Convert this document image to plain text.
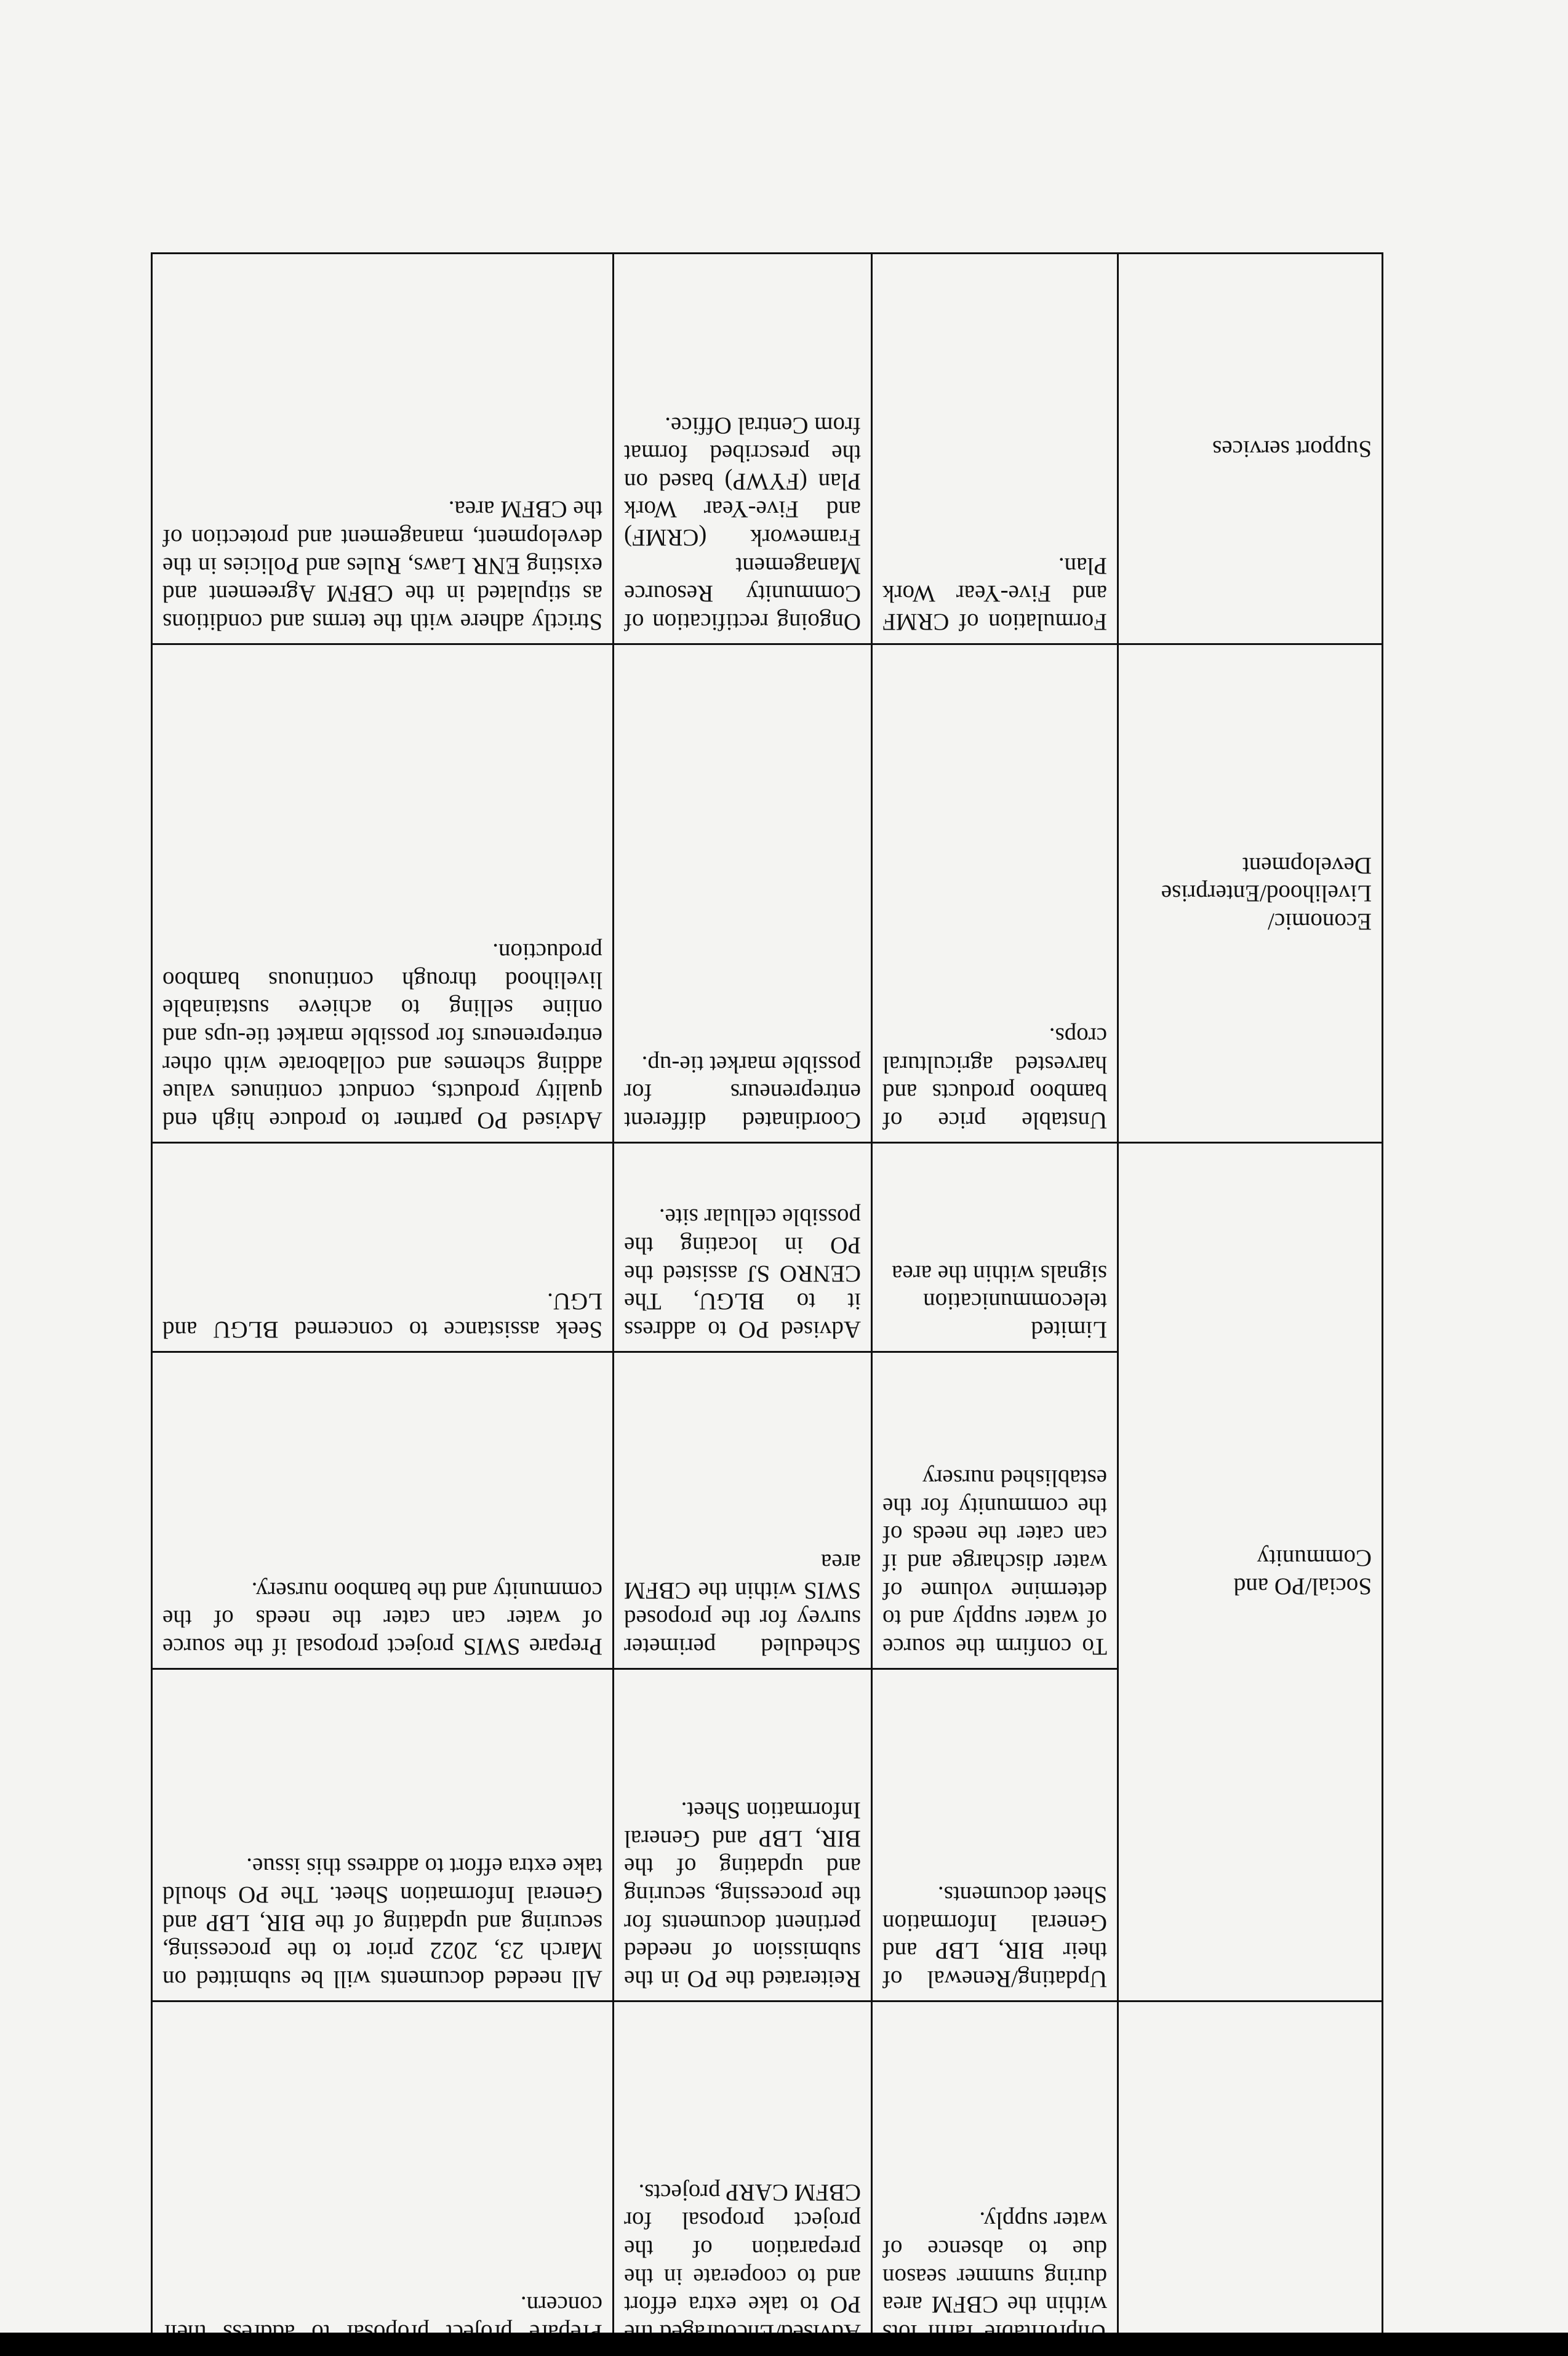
	within the CBFM area during summer season due to absence of water supply.	PO to take extra effort and to cooperate in the preparation of the project proposal for CBFM CARP projects.	concern.
Social/PO and Community	Updating/Renewal of their BIR, LBP and General Information Sheet documents.	Reiterated the PO in the submission of needed pertinent documents for the processing, securing and updating of the BIR, LBP and General Information Sheet.	All needed documents will be submitted on March 23, 2022 prior to the processing, securing and updating of the BIR, LBP and General Information Sheet. The PO should take extra effort to address this issue.
	To confirm the source of water supply and to determine volume of water discharge and if can cater the needs of the community for the established nursery	Scheduled perimeter survey for the proposed SWIS within the CBFM area	Prepare SWIS project proposal if the source of water can cater the needs of the community and the bamboo nursery.
	Limited telecommunication signals within the area	Advised PO to address it to BLGU, The CENRO SJ assisted the PO in locating the possible cellular site.	Seek assistance to concerned BLGU and LGU.
Economic/ Livelihood/Enterprise Development	Unstable price of bamboo products and harvested agricultural crops.	Coordinated different entrepreneurs for possible market tie-up.	Advised PO partner to produce high end quality products, conduct continues value adding schemes and collaborate with other entrepreneurs for possible market tie-ups and online selling to achieve sustainable livelihood through continuous bamboo production.
Support services	Formulation of CRMF and Five-Year Work Plan.	Ongoing rectification of Community Resource Management Framework (CRMF) and Five-Year Work Plan (FYWP) based on the prescribed format from Central Office.	Strictly adhere with the terms and conditions as stipulated in the CBFM Agreement and existing ENR Laws, Rules and Policies in the development, management and protection of the CBFM area.
